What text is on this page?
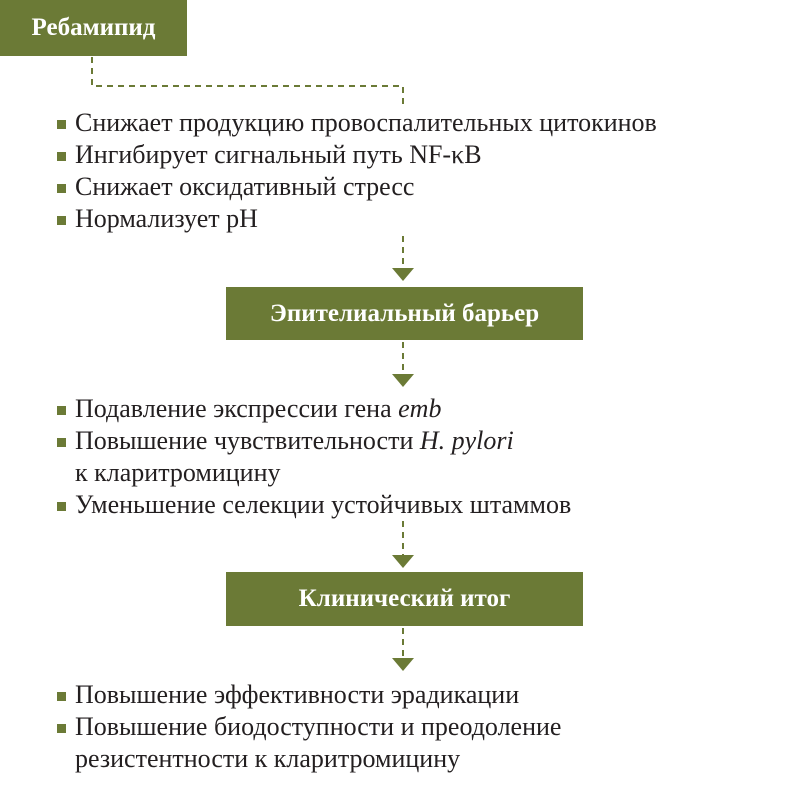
Ребамипид
Снижает продукцию провоспалительных цитокинов
Ингибирует сигнальный путь NF-κB
Снижает оксидативный стресс
Нормализует pH
Эпителиальный барьер
Подавление экспрессии гена emb
Повышение чувствительности H. pylori
к кларитромицину
Уменьшение селекции устойчивых штаммов
Клинический итог
Повышение эффективности эрадикации
Повышение биодоступности и преодоление
резистентности к кларитромицину
